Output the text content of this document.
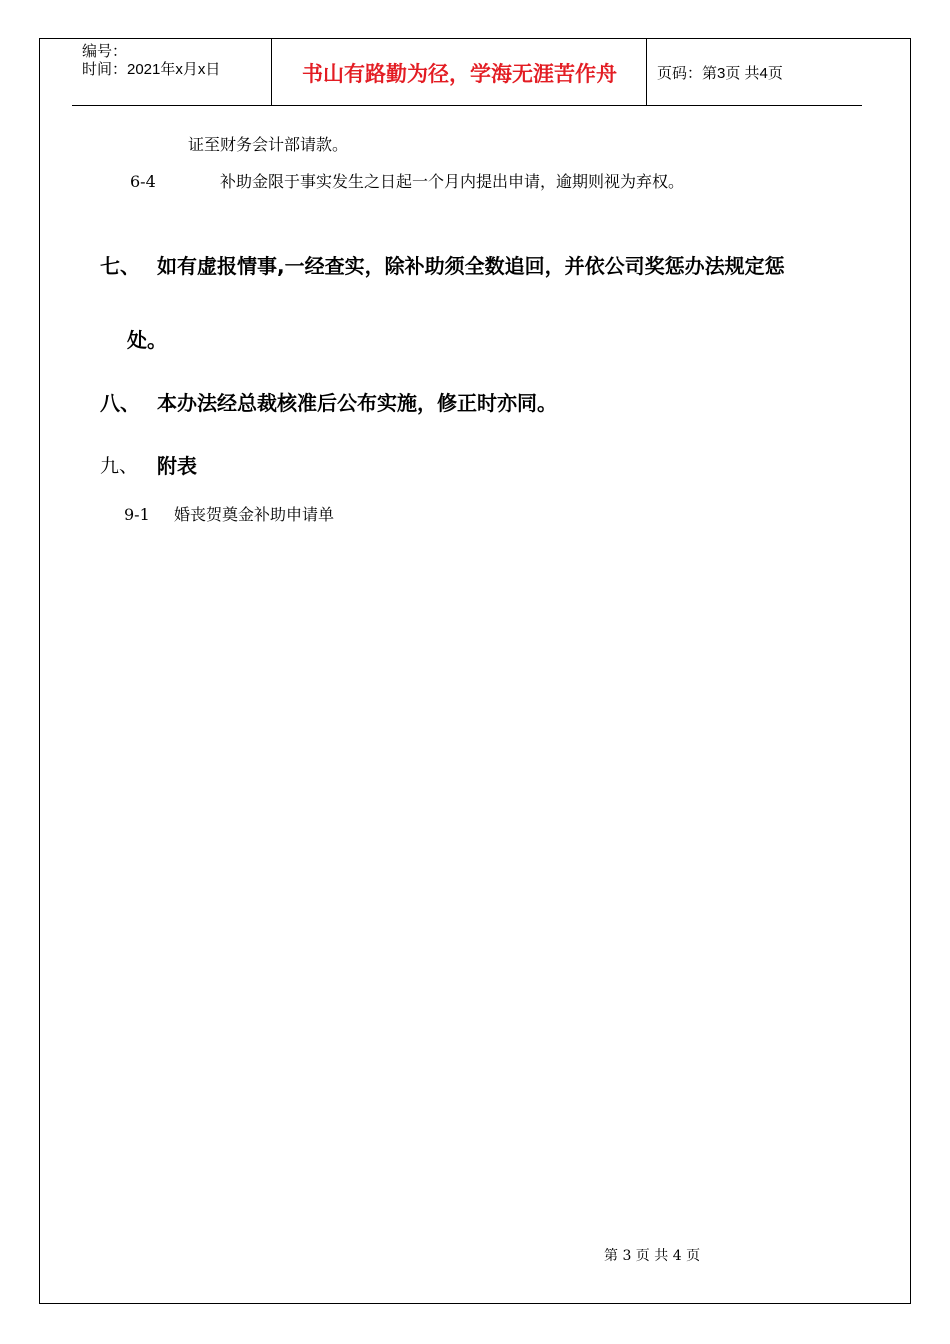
编号：
时间：2021年x月x日	书山有路勤为径，学海无涯苦作舟	页码：第3页 共4页
证至财务会计部请款。
6-4	补助金限于事实发生之日起一个月内提出申请，逾期则视为弃权。
七、 如有虚报情事,一经查实，除补助须全数追回，并依公司奖惩办法规定惩
处。
八、 本办法经总裁核准后公布实施，修正时亦同。
九、 附表
9-1 婚丧贺奠金补助申请单
第 3 页 共 4 页
